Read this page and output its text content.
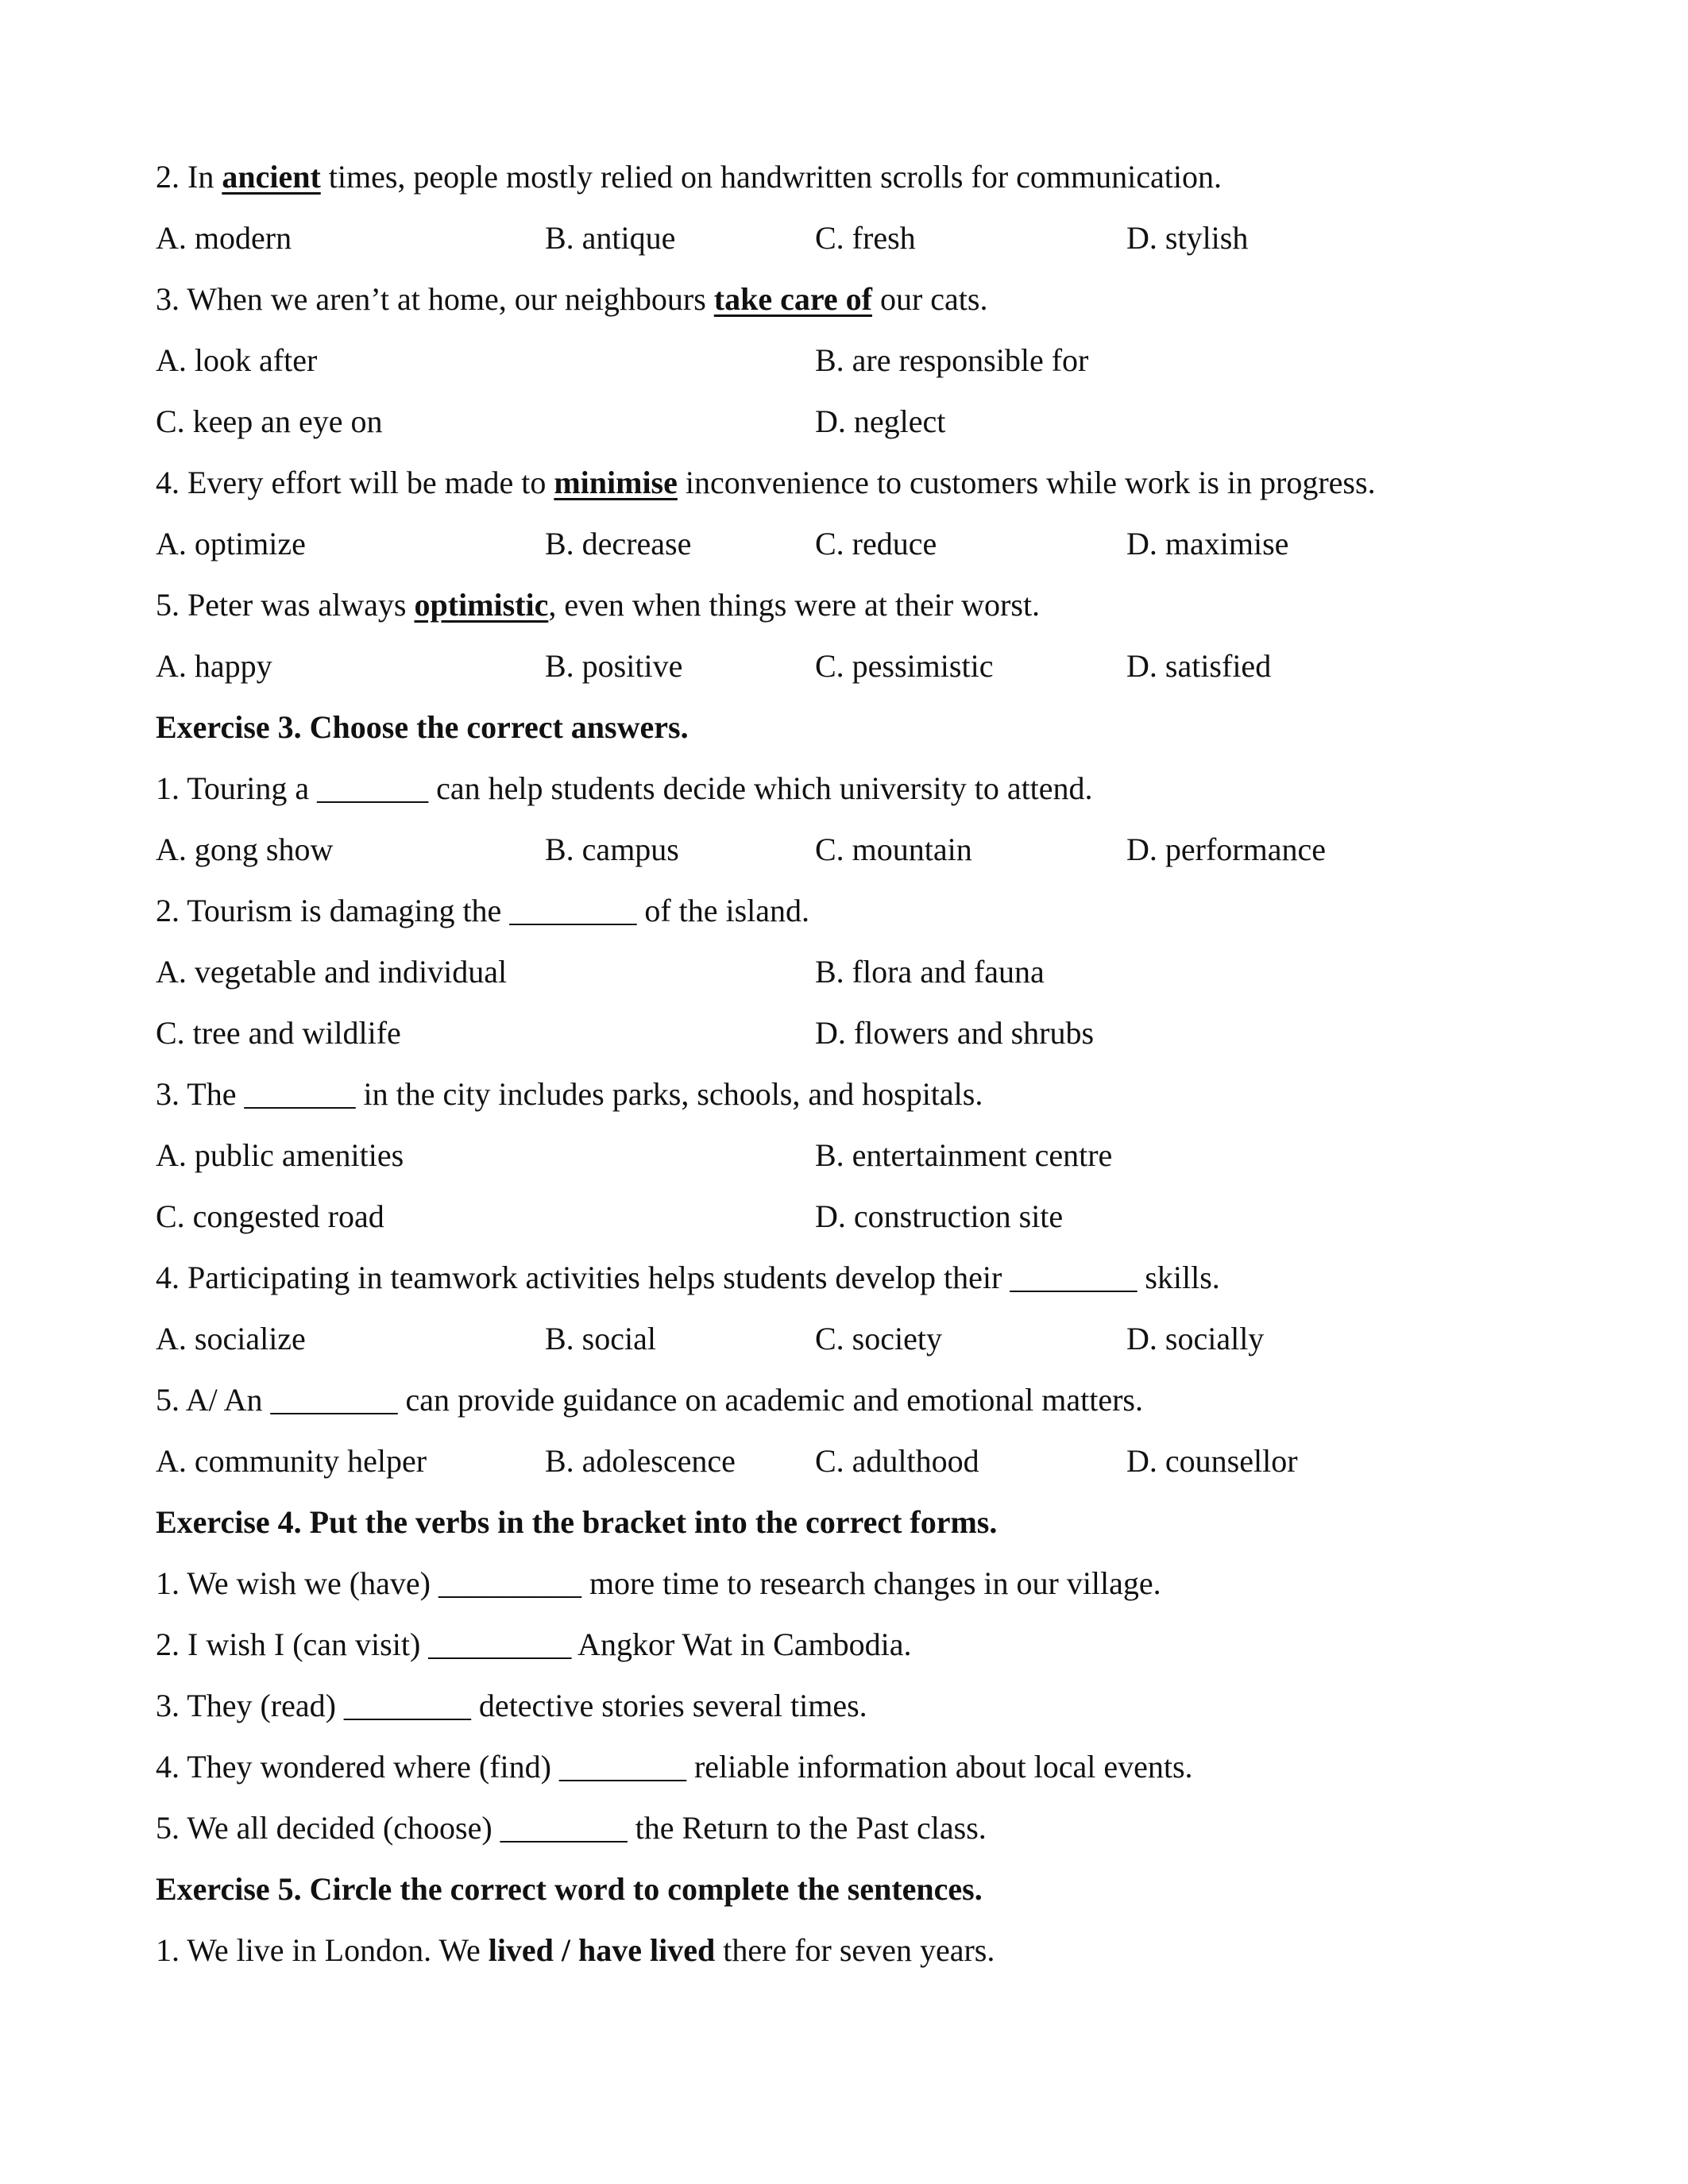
2. In ancient times, people mostly relied on handwritten scrolls for communication.
A. modern	B. antique	C. fresh	D. stylish
3. When we aren’t at home, our neighbours take care of our cats.
A. look after	B. are responsible for
C. keep an eye on	D. neglect
4. Every effort will be made to minimise inconvenience to customers while work is in progress.
A. optimize	B. decrease	C. reduce	D. maximise
5. Peter was always optimistic, even when things were at their worst.
A. happy	B. positive	C. pessimistic	D. satisfied
Exercise 3. Choose the correct answers.
1. Touring a _______ can help students decide which university to attend.
A. gong show	B. campus	C. mountain	D. performance
2. Tourism is damaging the ________ of the island.
A. vegetable and individual	B. flora and fauna
C. tree and wildlife	D. flowers and shrubs
3. The _______ in the city includes parks, schools, and hospitals.
A. public amenities	B. entertainment centre
C. congested road	D. construction site
4. Participating in teamwork activities helps students develop their ________ skills.
A. socialize	B. social	C. society	D. socially
5. A/ An ________ can provide guidance on academic and emotional matters.
A. community helper	B. adolescence	C. adulthood	D. counsellor
Exercise 4. Put the verbs in the bracket into the correct forms.
1. We wish we (have) _________ more time to research changes in our village.
2. I wish I (can visit) _________ Angkor Wat in Cambodia.
3. They (read) ________ detective stories several times.
4. They wondered where (find) ________ reliable information about local events.
5. We all decided (choose) ________ the Return to the Past class.
Exercise 5. Circle the correct word to complete the sentences.
1. We live in London. We lived / have lived there for seven years.
